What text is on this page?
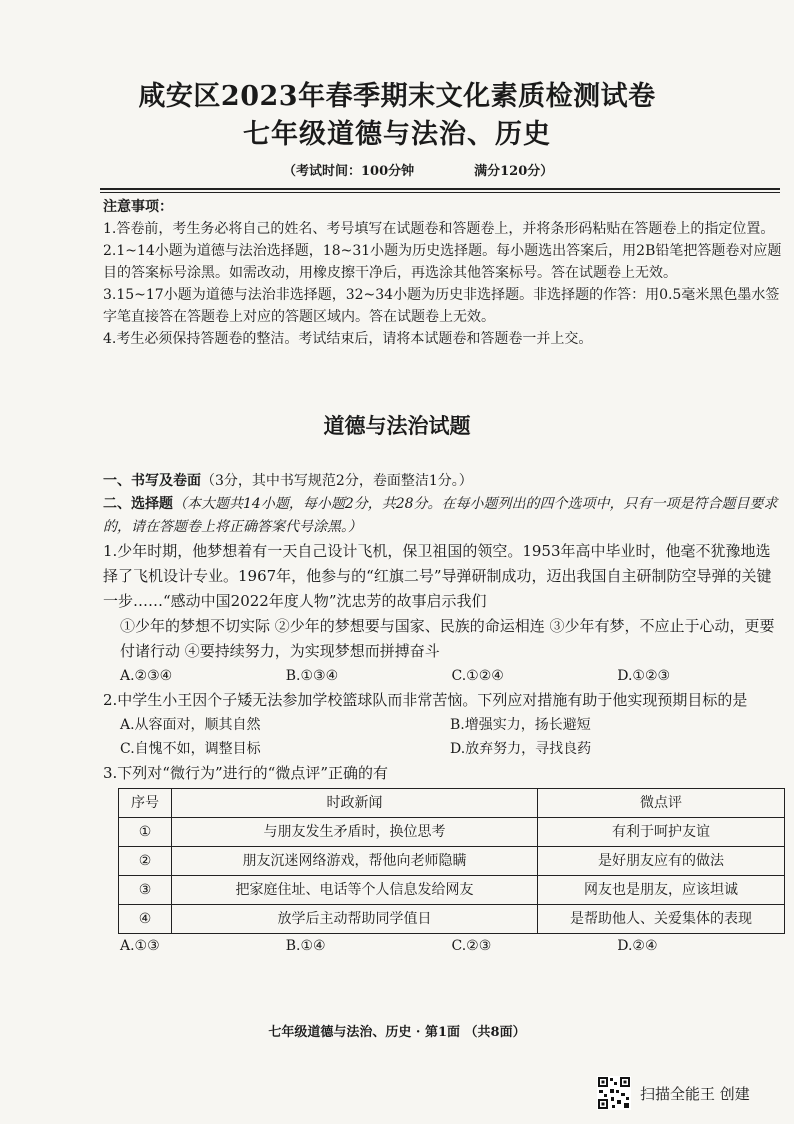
咸安区2023年春季期末文化素质检测试卷
七年级道德与法治、历史
（考试时间：100分钟	满分120分）
注意事项：

1.答卷前，考生务必将自己的姓名、考号填写在试题卷和答题卷上，并将条形码粘贴在答题卷上的指定位置。

2.1~14小题为道德与法治选择题，18~31小题为历史选择题。每小题选出答案后，用2B铅笔把答题卷对应题目的答案标号涂黑。如需改动，用橡皮擦干净后，再选涂其他答案标号。答在试题卷上无效。

3.15~17小题为道德与法治非选择题，32~34小题为历史非选择题。非选择题的作答：用0.5毫米黑色墨水签字笔直接答在答题卷上对应的答题区域内。答在试题卷上无效。

4.考生必须保持答题卷的整洁。考试结束后，请将本试题卷和答题卷一并上交。

道德与法治试题

一、书写及卷面（3分，其中书写规范2分，卷面整洁1分。）

二、选择题（本大题共14小题，每小题2分，共28分。在每小题列出的四个选项中，只有一项是符合题目要求的，请在答题卷上将正确答案代号涂黑。）

1.少年时期，他梦想着有一天自己设计飞机，保卫祖国的领空。1953年高中毕业时，他毫不犹豫地选择了飞机设计专业。1967年，他参与的“红旗二号”导弹研制成功，迈出我国自主研制防空导弹的关键一步……“感动中国2022年度人物”沈忠芳的故事启示我们

①少年的梦想不切实际 ②少年的梦想要与国家、民族的命运相连 ③少年有梦，不应止于心动，更要付诸行动 ④要持续努力，为实现梦想而拼搏奋斗

A.②③④	B.①③④	C.①②④	D.①②③

2.中学生小王因个子矮无法参加学校篮球队而非常苦恼。下列应对措施有助于他实现预期目标的是

A.从容面对，顺其自然	B.增强实力，扬长避短
C.自愧不如，调整目标	D.放弃努力，寻找良药

3.下列对“微行为”进行的“微点评”正确的有

序号	时政新闻	微点评
①	与朋友发生矛盾时，换位思考	有利于呵护友谊
②	朋友沉迷网络游戏，帮他向老师隐瞒	是好朋友应有的做法
③	把家庭住址、电话等个人信息发给网友	网友也是朋友，应该坦诚
④	放学后主动帮助同学值日	是帮助他人、关爱集体的表现
A.①③	B.①④	C.②③	D.②④
七年级道德与法治、历史 · 第1面 （共8面）
扫描全能王 创建
